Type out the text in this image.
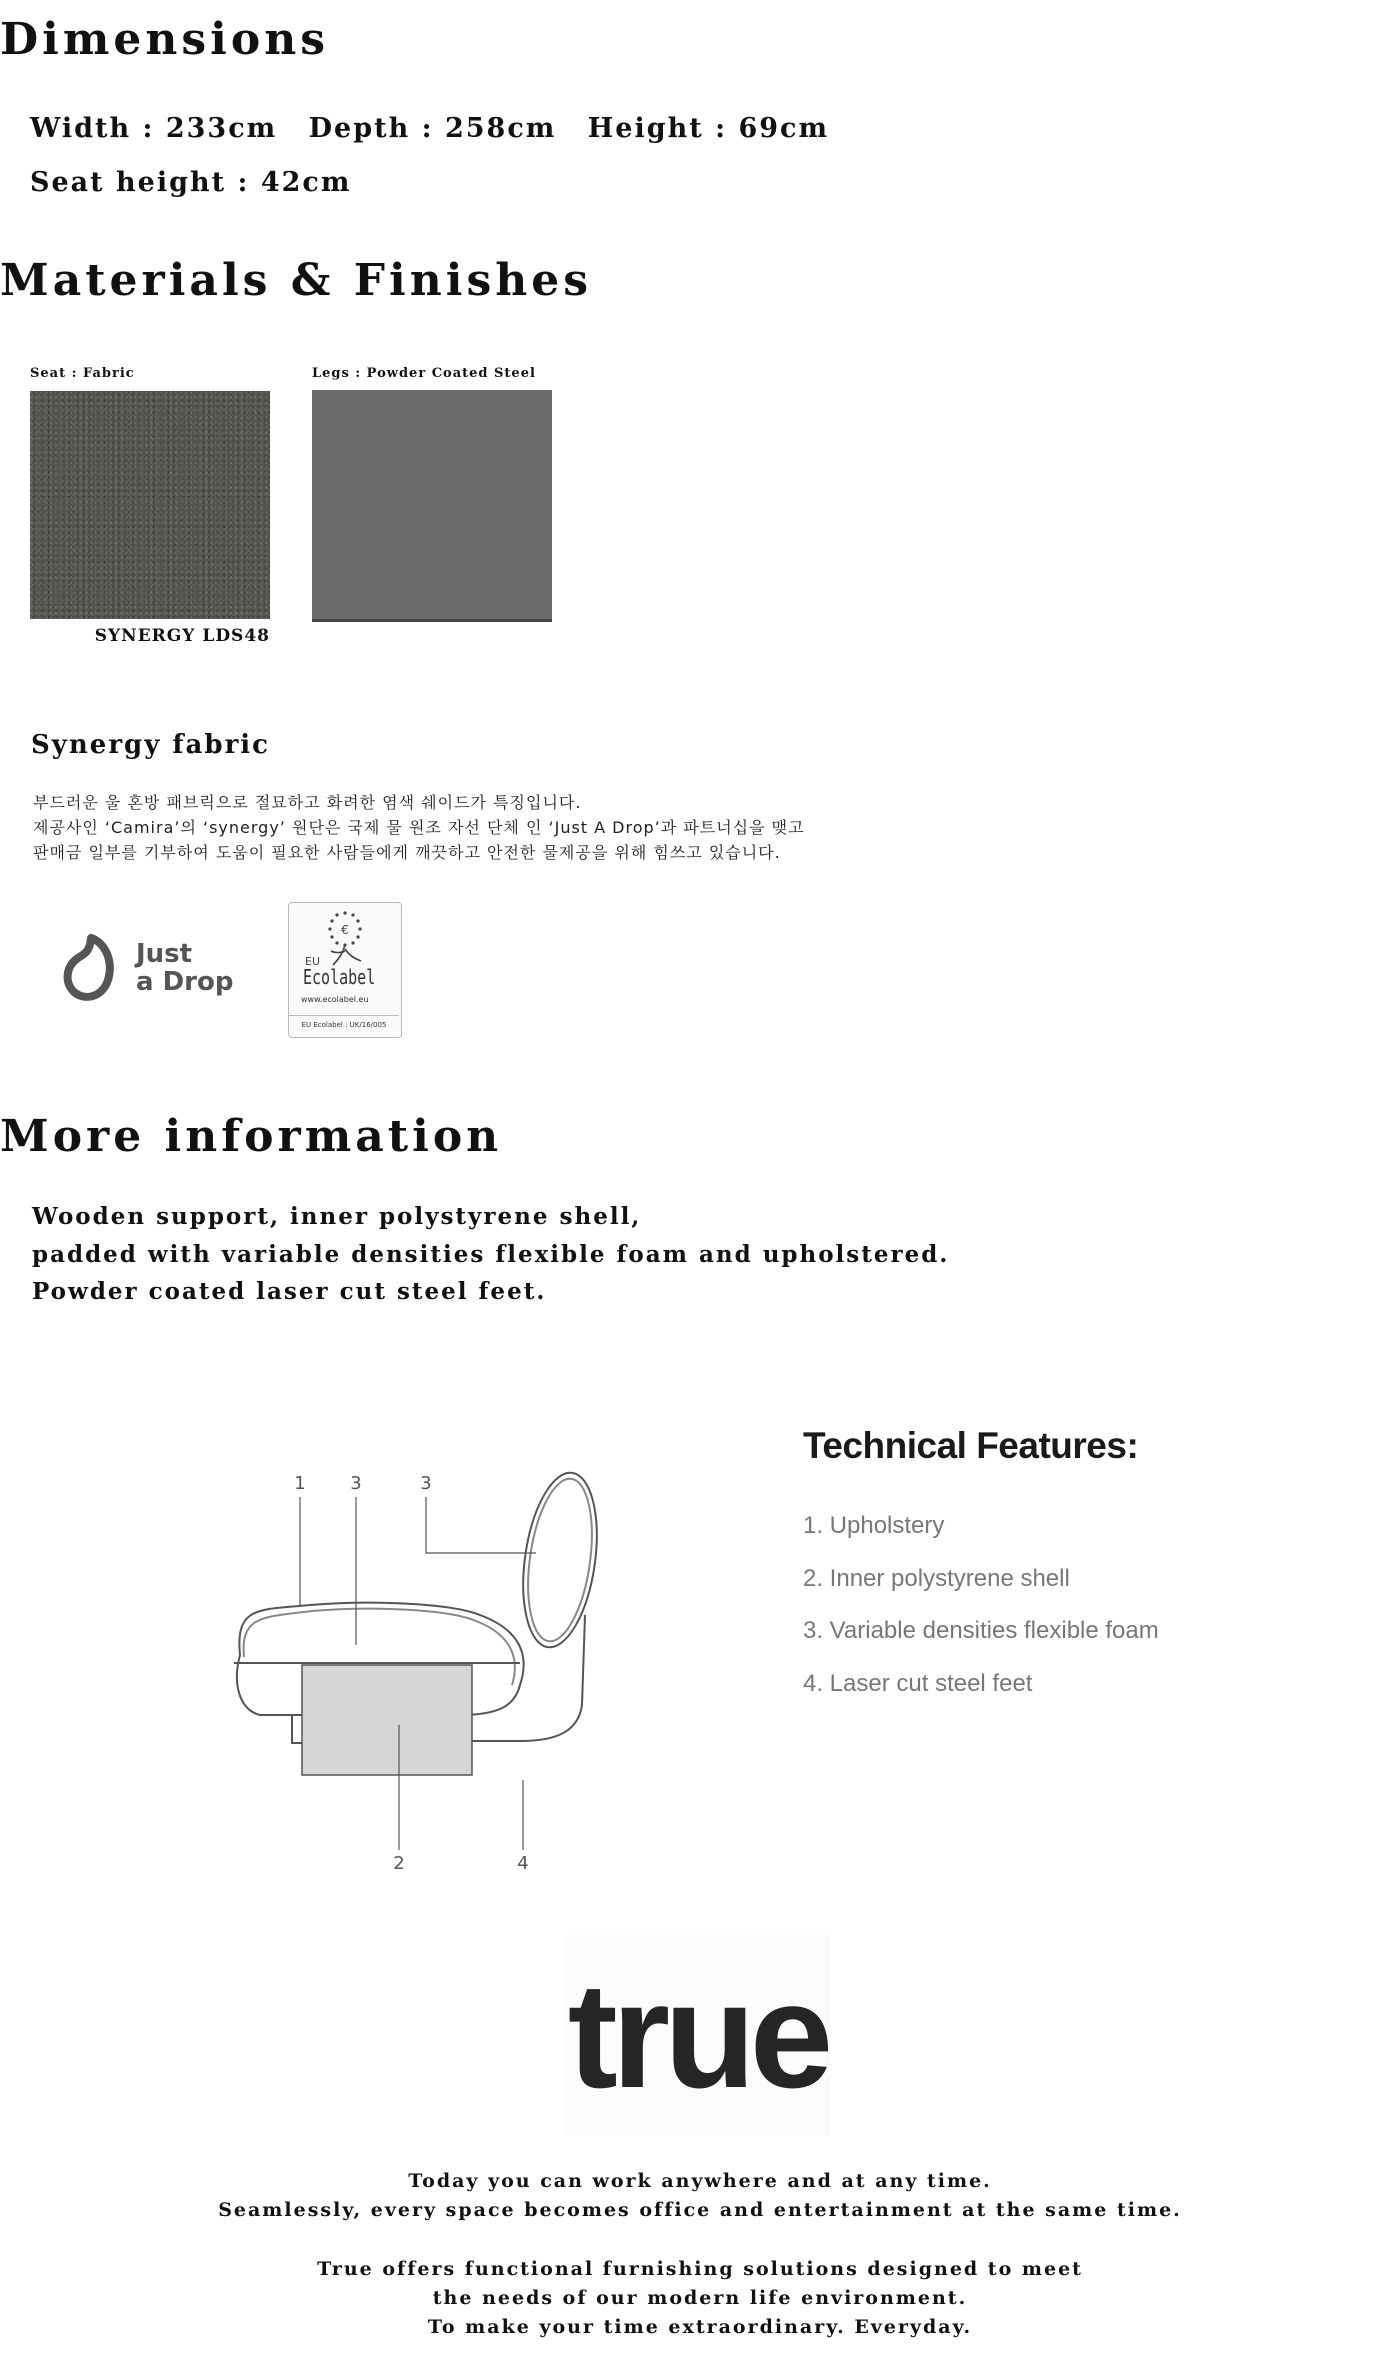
Dimensions

Width : 233cm Depth : 258cm Height : 69cm

Seat height : 42cm

Materials & Finishes
Seat : Fabric	Legs : Powder Coated Steel
SYNERGY LDS48
Synergy fabric

부드러운 울 혼방 패브릭으로 절묘하고 화려한 염색 쉐이드가 특징입니다.

제공사인 ‘Camira’의 ‘synergy’ 원단은 국제 물 원조 자선 단체 인 ‘Just A Drop’과 파트너십을 맺고

판매금 일부를 기부하여 도움이 필요한 사람들에게 깨끗하고 안전한 물제공을 위해 힘쓰고 있습니다.

Just
a Drop
€
EU
Ecolabel
www.ecolabel.eu
EU Ecolabel : UK/16/005
More information

Wooden support, inner polystyrene shell,

padded with variable densities flexible foam and upholstered.

Powder coated laser cut steel feet.

1 3	3
2	4
Technical Features:

1. Upholstery

2. Inner polystyrene shell

3. Variable densities flexible foam

4. Laser cut steel feet

true

Today you can work anywhere and at any time.

Seamlessly, every space becomes office and entertainment at the same time.

True offers functional furnishing solutions designed to meet

the needs of our modern life environment.

To make your time extraordinary. Everyday.
